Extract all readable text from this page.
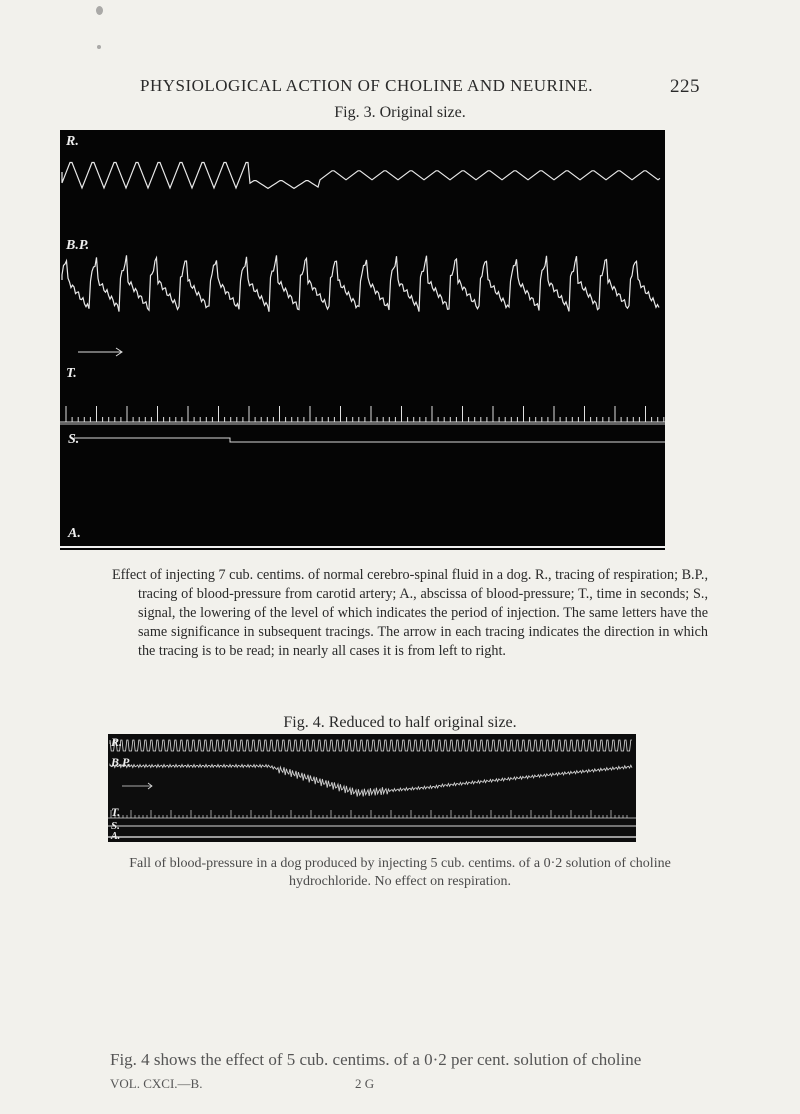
PHYSIOLOGICAL ACTION OF CHOLINE AND NEURINE.	225
Fig. 3. Original size.
R.
B.P.
T.
S.
A.
Effect of injecting 7 cub. centims. of normal cerebro-spinal fluid in a dog. R., tracing of respiration; B.P., tracing of blood-pressure from carotid artery; A., abscissa of blood-pressure; T., time in seconds; S., signal, the lowering of the level of which indicates the period of injection. The same letters have the same significance in subsequent tracings. The arrow in each tracing indicates the direction in which the tracing is to be read; in nearly all cases it is from left to right.
Fig. 4. Reduced to half original size.
R.
B.P.
T.
S.
A.
Fall of blood-pressure in a dog produced by injecting 5 cub. centims. of a 0·2 solution of choline
hydrochloride. No effect on respiration.
Fig. 4 shows the effect of 5 cub. centims. of a 0·2 per cent. solution of choline
VOL. CXCI.—B.	2 G
